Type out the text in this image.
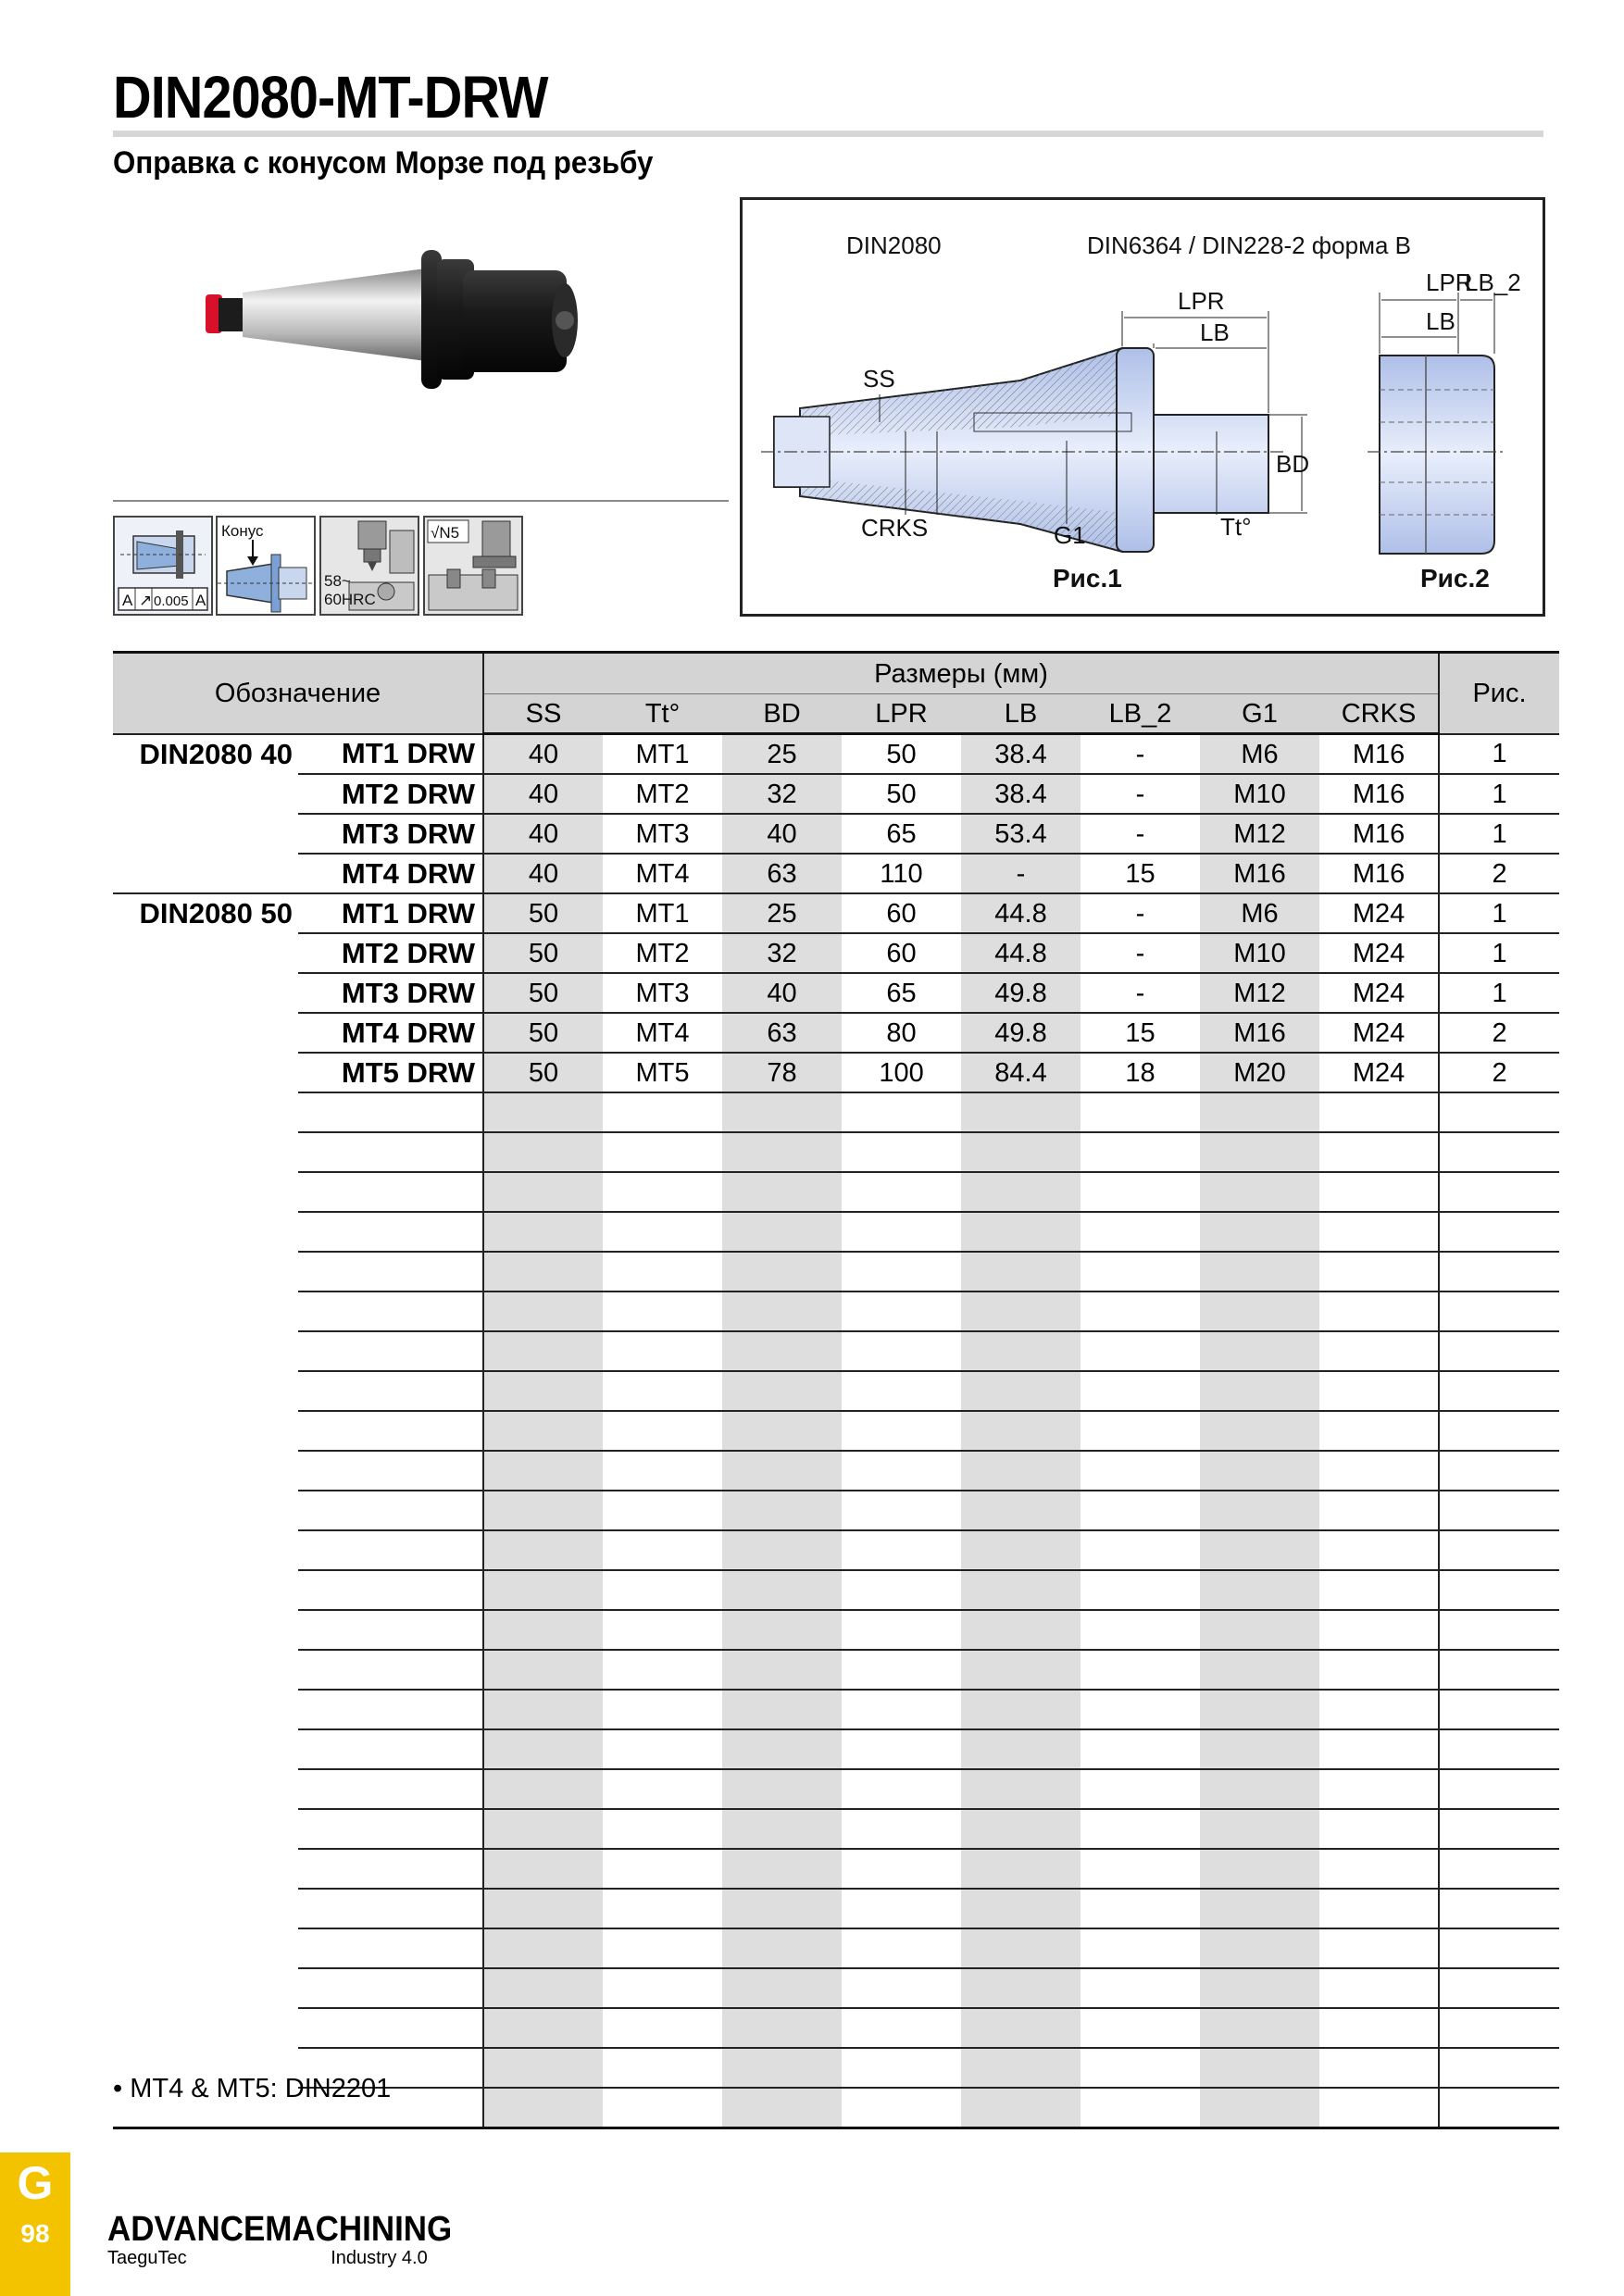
DIN2080-MT-DRW
Оправка с конусом Морзе под резьбу
A ↗ 0.005 A
Конус
58~
60HRC
√N5
DIN2080	DIN6364 / DIN228-2 форма B
LPR
LB
BD
SS
CRKS	G1	Tt°
Рис.1
LPR
LB_2
LB
Рис.2
Обозначение		Размеры (мм)								Рис.
		SS	Tt°	BD	LPR	LB	LB_2	G1	CRKS	
DIN2080 40	MT1 DRW	40	MT1	25	50	38.4	-	M6	M16	1
	MT2 DRW	40	MT2	32	50	38.4	-	M10	M16	1
	MT3 DRW	40	MT3	40	65	53.4	-	M12	M16	1
	MT4 DRW	40	MT4	63	110	-	15	M16	M16	2
DIN2080 50	MT1 DRW	50	MT1	25	60	44.8	-	M6	M24	1
	MT2 DRW	50	MT2	32	60	44.8	-	M10	M24	1
	MT3 DRW	50	MT3	40	65	49.8	-	M12	M24	1
	MT4 DRW	50	MT4	63	80	49.8	15	M16	M24	2
	MT5 DRW	50	MT5	78	100	84.4	18	M20	M24	2

• MT4 & MT5: DIN2201
G
98	ADVANCEMACHINING
TaeguTec	Industry 4.0
